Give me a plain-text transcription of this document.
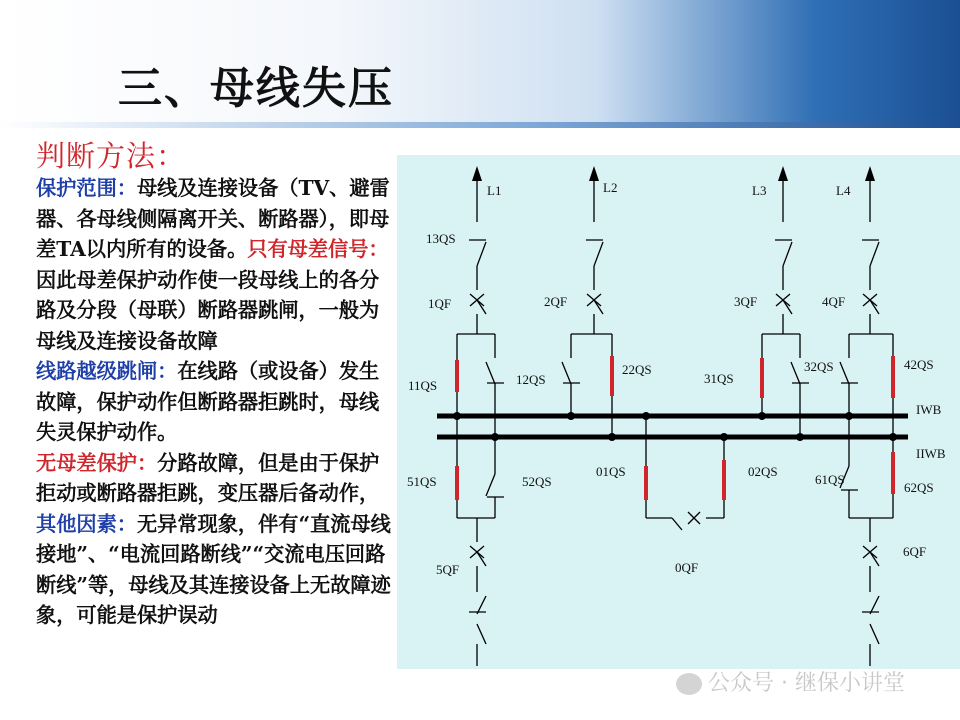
三、母线失压
判断方法：

保护范围：母线及连接设备（TV、避雷器、各母线侧隔离开关、断路器），即母差TA以内所有的设备。只有母差信号：因此母差保护动作使一段母线上的各分路及分段（母联）断路器跳闸，一般为母线及连接设备故障

线路越级跳闸：在线路（或设备）发生故障，保护动作但断路器拒跳时，母线失灵保护动作。

无母差保护：分路故障，但是由于保护拒动或断路器拒跳，变压器后备动作，

其他因素：无异常现象，伴有“直流母线接地”、“电流回路断线”“交流电压回路断线”等，母线及其连接设备上无故障迹象，可能是保护误动

L1	L2	L3	L4
13QS
1QF	2QF	3QF	4QF
5QF
6QF
0QF
11QS	12QS
22QS
31QS
32QS	42QS
IWB
IIWB
51QS	52QS
01QS	02QS
61QS
62QS
公众号 · 继保小讲堂
